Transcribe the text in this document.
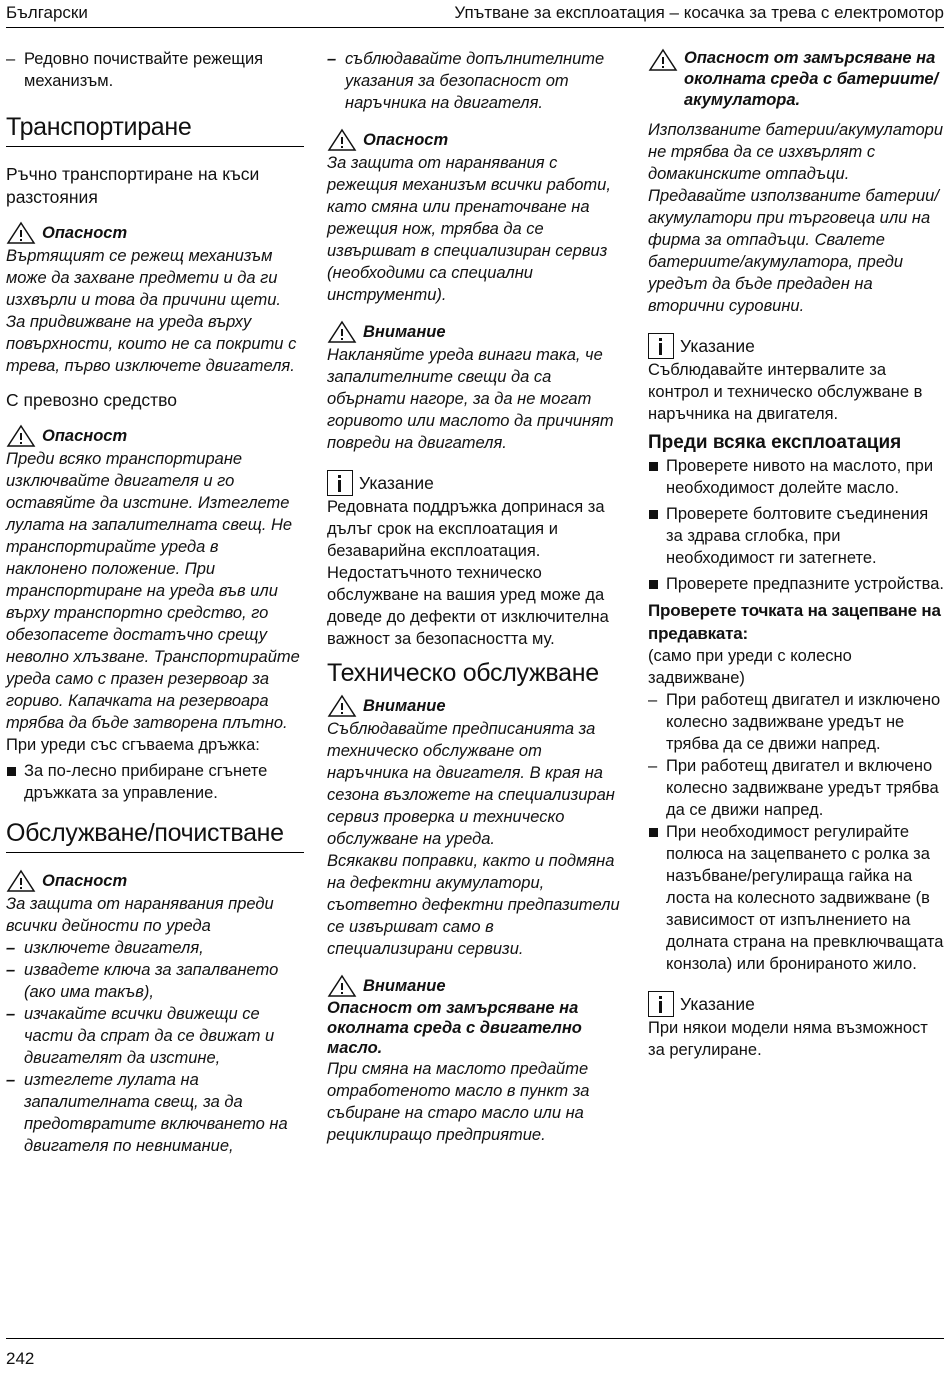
Български	Упътване за експлоатация – косачка за трева с електромотор
– Редовно почиствайте режещия механизъм.
Транспортиране
Ръчно транспортиране на къси разстояния
Опасност
Въртящият се режещ механизъм може да захване предмети и да ги изхвърли и това да причини щети.
За придвижване на уреда върху повърхности, които не са покрити с трева, първо изключете двигателя.
С превозно средство
Опасност
Преди всяко транспортиране изключвайте двигателя и го оставяйте да изстине. Изтеглете лулата на запалителната свещ. Не транспортирайте уреда в наклонено положение. При транспортиране на уреда във или върху транспортно средство, го обезопасете достатъчно срещу неволно хлъзване. Транспортирайте уреда само с празен резервоар за гориво. Капачката на резервоара трябва да бъде затворена плътно.
При уреди със сгъваема дръжка:
За по-лесно прибиране сгънете дръжката за управление.
Обслужване/почистване
Опасност
За защита от наранявания преди всички дейности по уреда
– изключете двигателя,
– извадете ключа за запалването (ако има такъв),
– изчакайте всички движещи се части да спрат да се движат и двигателят да изстине,
– изтеглете лулата на запалителната свещ, за да предотвратите включването на двигателя по невнимание,
– съблюдавайте допълнителните указания за безопасност от наръчника на двигателя.
Опасност
За защита от наранявания с режещия механизъм всички работи, като смяна или пренаточване на режещия нож, трябва да се извършват в специализиран сервиз (необходими са специални инструменти).
Внимание
Накланяйте уреда винаги така, че запалителните свещи да са обърнати нагоре, за да не могат горивото или маслото да причинят повреди на двигателя.
Указание
Редовната поддръжка допринася за дълъг срок на експлоатация и безаварийна експлоатация. Недостатъчното техническо обслужване на вашия уред може да доведе до дефекти от изключителна важност за безопасността му.
Техническо обслужване
Внимание
Съблюдавайте предписанията за техническо обслужване от наръчника на двигателя. В края на сезона възложете на специализиран сервиз проверка и техническо обслужване на уреда.
Всякакви поправки, както и подмяна на дефектни акумулатори, съответно дефектни предпазители се извършват само в специализирани сервизи.
Внимание
Опасност от замърсяване на околната среда с двигателно масло.
При смяна на маслото предайте отработеното масло в пункт за събиране на старо масло или на рециклиращо предприятие.
Опасност от замърсяване на околната среда с батериите/акумулатора.
Използваните батерии/акумулатори не трябва да се изхвърлят с домакинските отпадъци. Предавайте използваните батерии/акумулатори при търговеца или на фирма за отпадъци. Свалете батериите/акумулатора, преди уредът да бъде предаден на вторични суровини.
Указание
Съблюдавайте интервалите за контрол и техническо обслужване в наръчника на двигателя.
Преди всяка експлоатация
Проверете нивото на маслото, при необходимост долейте масло.
Проверете болтовите съединения за здрава сглобка, при необходимост ги затегнете.
Проверете предпазните устройства.
Проверете точката на зацепване на предавката:
(само при уреди с колесно задвижване)
– При работещ двигател и изключено колесно задвижване уредът не трябва да се движи напред.
– При работещ двигател и включено колесно задвижване уредът трябва да се движи напред.
При необходимост регулирайте полюса на зацепването с ролка за назъбване/регулираща гайка на лоста на колесното задвижване (в зависимост от изпълнението на долната страна на превключващата конзола) или бронираното жило.
Указание
При някои модели няма възможност за регулиране.
242
